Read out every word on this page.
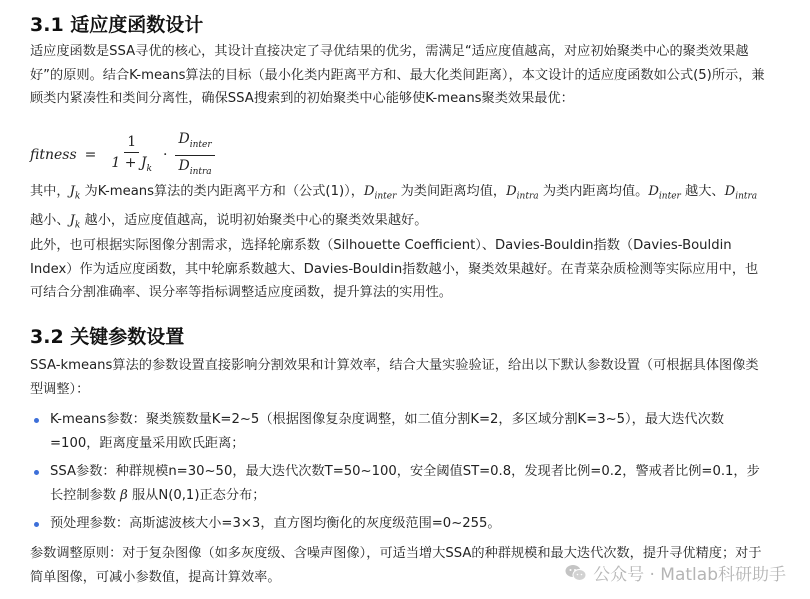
3.1 适应度函数设计

适应度函数是SSA寻优的核心，其设计直接决定了寻优结果的优劣，需满足“适应度值越高，对应初始聚类中心的聚类效果越好”的原则。结合K-means算法的目标（最小化类内距离平方和、最大化类间距离），本文设计的适应度函数如公式(5)所示，兼顾类内紧凑性和类间分离性，确保SSA搜索到的初始聚类中心能够使K-means聚类效果最优：

fitness = $\frac{1}{1 + J_k} \cdot \frac{D_{inter}}{D_{intra}}$

其中，$J_k$ 为K-means算法的类内距离平方和（公式(1)），$D_{inter}$ 为类间距离均值，$D_{intra}$ 为类内距离均值。$D_{inter}$ 越大、$D_{intra}$ 越小、$J_k$ 越小，适应度值越高，说明初始聚类中心的聚类效果越好。

此外，也可根据实际图像分割需求，选择轮廓系数（Silhouette Coefficient）、Davies-Bouldin指数（Davies-Bouldin Index）作为适应度函数，其中轮廓系数越大、Davies-Bouldin指数越小，聚类效果越好。在青菜杂质检测等实际应用中，也可结合分割准确率、误分率等指标调整适应度函数，提升算法的实用性。

3.2 关键参数设置

SSA-kmeans算法的参数设置直接影响分割效果和计算效率，结合大量实验验证，给出以下默认参数设置（可根据具体图像类型调整）：

K-means参数：聚类簇数量K=2~5（根据图像复杂度调整，如二值分割K=2，多区域分割K=3~5），最大迭代次数=100，距离度量采用欧氏距离；
SSA参数：种群规模n=30~50，最大迭代次数T=50~100，安全阈值ST=0.8，发现者比例=0.2，警戒者比例=0.1，步长控制参数 β 服从N(0,1)正态分布；
预处理参数：高斯滤波核大小=3×3，直方图均衡化的灰度级范围=0~255。

参数调整原则：对于复杂图像（如多灰度级、含噪声图像），可适当增大SSA的种群规模和最大迭代次数，提升寻优精度；对于简单图像，可减小参数值，提高计算效率。	公众号 · Matlab科研助手
